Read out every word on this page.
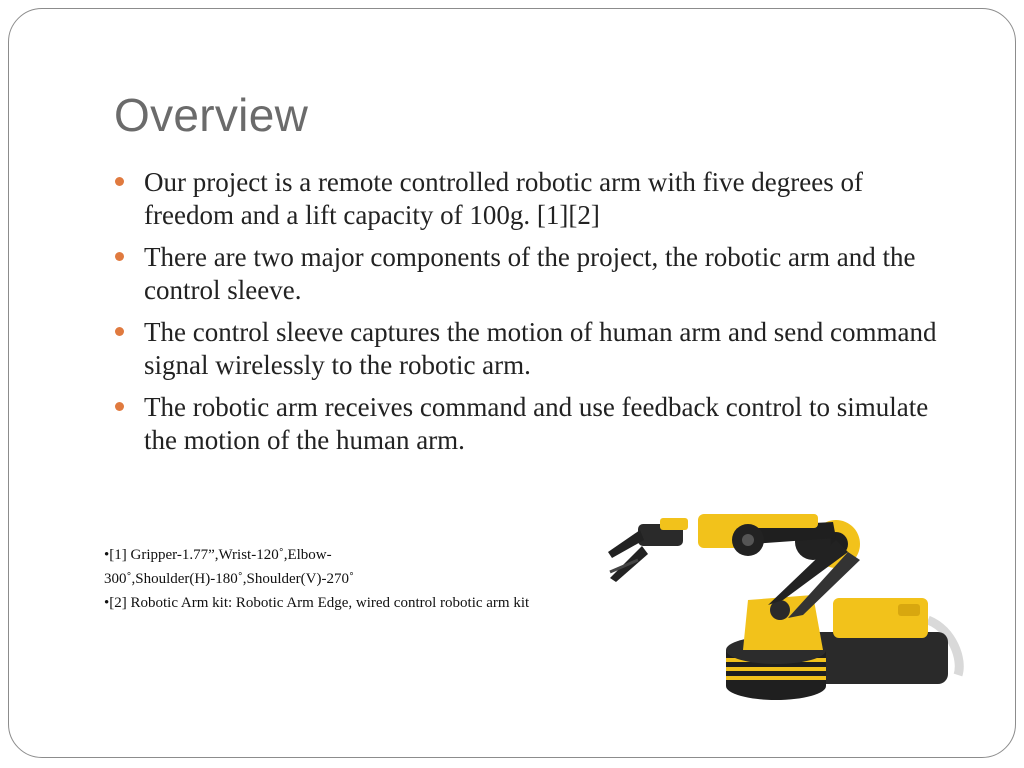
Overview
Our project is a remote controlled robotic arm with five degrees of freedom and a lift capacity of 100g. [1][2]
There are two major components of the project, the robotic arm and the control sleeve.
The control sleeve captures the motion of human arm and send command signal wirelessly to the robotic arm.
The robotic arm receives command and use feedback control to simulate the motion of the human arm.
•[1] Gripper-1.77”,Wrist-120˚,Elbow-300˚,Shoulder(H)-180˚,Shoulder(V)-270˚
•[2] Robotic Arm kit: Robotic Arm Edge, wired control robotic arm kit
